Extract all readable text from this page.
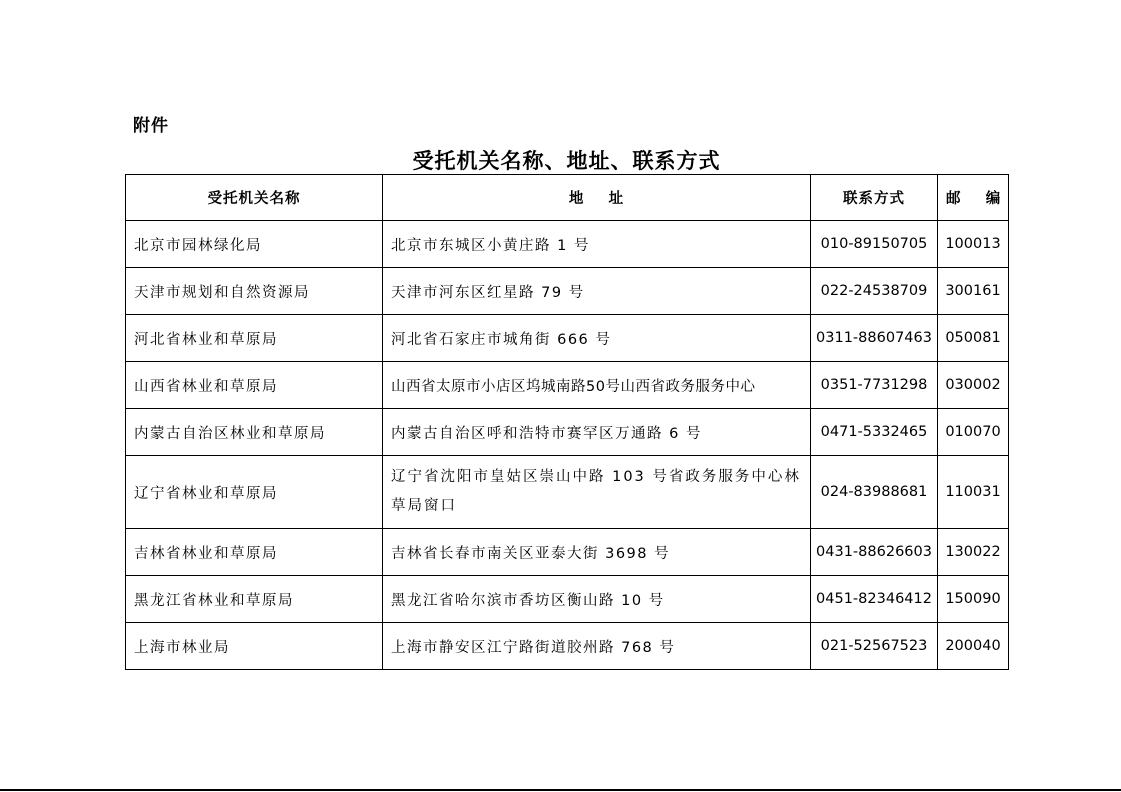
附件
受托机关名称、地址、联系方式
受托机关名称	地    址	联系方式	邮    编
北京市园林绿化局	北京市东城区小黄庄路 1 号	010-89150705	100013
天津市规划和自然资源局	天津市河东区红星路 79 号	022-24538709	300161
河北省林业和草原局	河北省石家庄市城角街 666 号	0311-88607463	050081
山西省林业和草原局	山西省太原市小店区坞城南路50号山西省政务服务中心	0351-7731298	030002
内蒙古自治区林业和草原局	内蒙古自治区呼和浩特市赛罕区万通路 6 号	0471-5332465	010070
辽宁省林业和草原局	辽宁省沈阳市皇姑区崇山中路 103 号省政务服务中心林草局窗口	024-83988681	110031
吉林省林业和草原局	吉林省长春市南关区亚泰大街 3698 号	0431-88626603	130022
黑龙江省林业和草原局	黑龙江省哈尔滨市香坊区衡山路 10 号	0451-82346412	150090
上海市林业局	上海市静安区江宁路街道胶州路 768 号	021-52567523	200040
